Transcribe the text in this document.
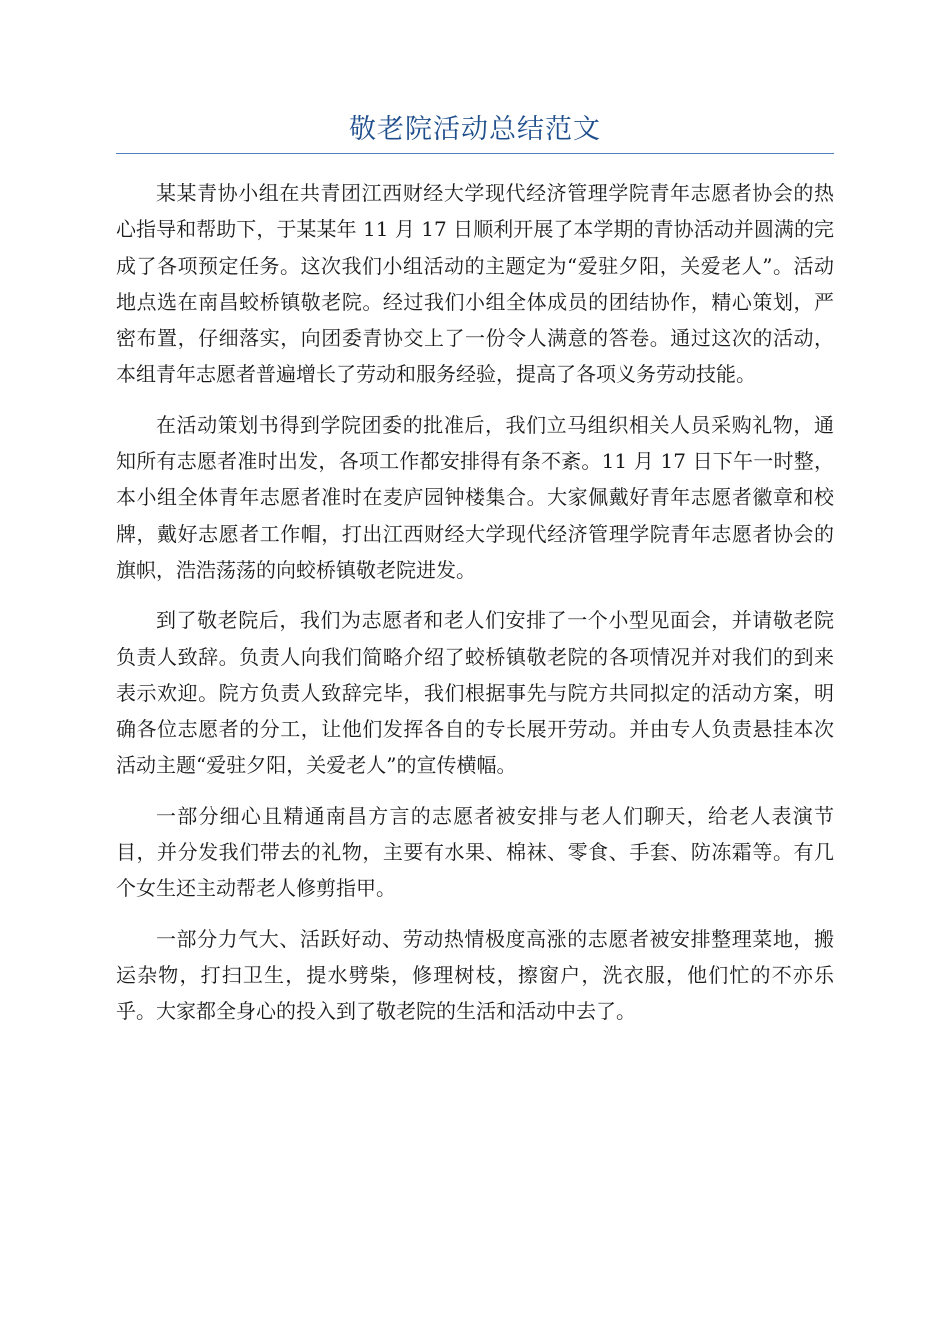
敬老院活动总结范文

某某青协小组在共青团江西财经大学现代经济管理学院青年志愿者协会的热心指导和帮助下，于某某年 11 月 17 日顺利开展了本学期的青协活动并圆满的完成了各项预定任务。这次我们小组活动的主题定为“爱驻夕阳，关爱老人”。活动地点选在南昌蛟桥镇敬老院。经过我们小组全体成员的团结协作，精心策划，严密布置，仔细落实，向团委青协交上了一份令人满意的答卷。通过这次的活动，本组青年志愿者普遍增长了劳动和服务经验，提高了各项义务劳动技能。

在活动策划书得到学院团委的批准后，我们立马组织相关人员采购礼物，通知所有志愿者准时出发，各项工作都安排得有条不紊。11 月 17 日下午一时整，本小组全体青年志愿者准时在麦庐园钟楼集合。大家佩戴好青年志愿者徽章和校牌，戴好志愿者工作帽，打出江西财经大学现代经济管理学院青年志愿者协会的旗帜，浩浩荡荡的向蛟桥镇敬老院进发。

到了敬老院后，我们为志愿者和老人们安排了一个小型见面会，并请敬老院负责人致辞。负责人向我们简略介绍了蛟桥镇敬老院的各项情况并对我们的到来表示欢迎。院方负责人致辞完毕，我们根据事先与院方共同拟定的活动方案，明确各位志愿者的分工，让他们发挥各自的专长展开劳动。并由专人负责悬挂本次活动主题“爱驻夕阳，关爱老人”的宣传横幅。

一部分细心且精通南昌方言的志愿者被安排与老人们聊天，给老人表演节目，并分发我们带去的礼物，主要有水果、棉袜、零食、手套、防冻霜等。有几个女生还主动帮老人修剪指甲。

一部分力气大、活跃好动、劳动热情极度高涨的志愿者被安排整理菜地，搬运杂物，打扫卫生，提水劈柴，修理树枝，擦窗户，洗衣服，他们忙的不亦乐乎。大家都全身心的投入到了敬老院的生活和活动中去了。
